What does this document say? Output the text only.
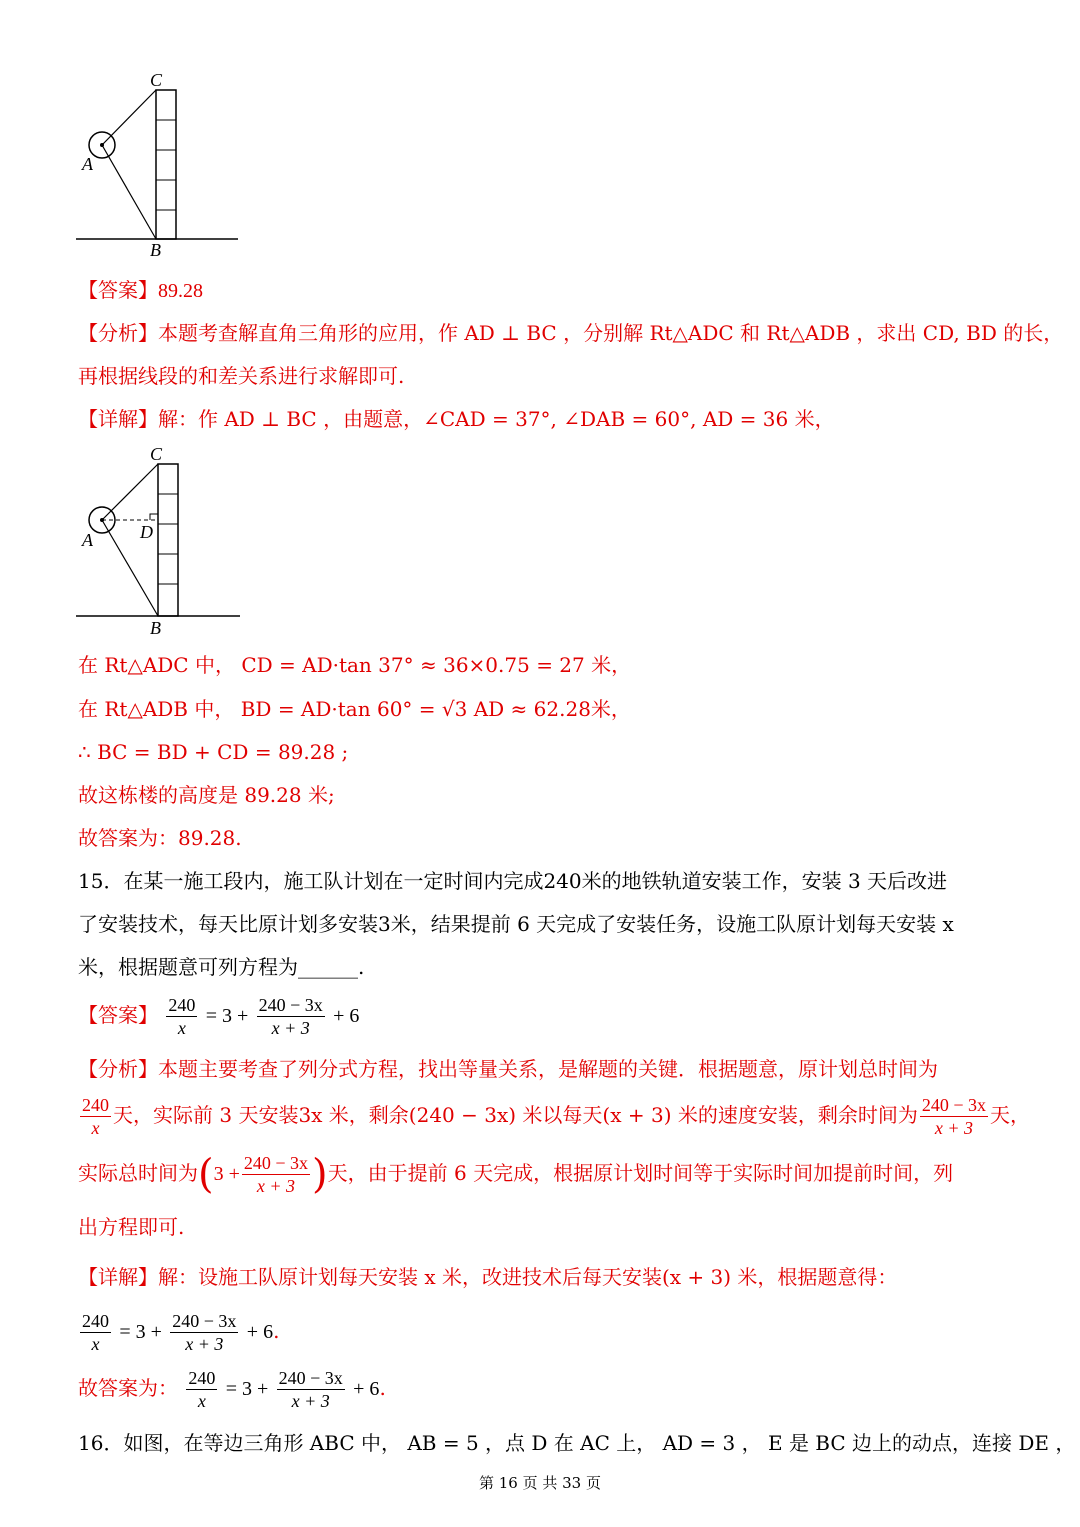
C
A
B
【答案】89.28
【分析】本题考查解直角三角形的应用，作 AD ⊥ BC ，分别解 Rt△ADC 和 Rt△ADB ，求出 CD, BD 的长，
再根据线段的和差关系进行求解即可.
【详解】解：作 AD ⊥ BC ，由题意，∠CAD = 37°, ∠DAB = 60°, AD = 36 米，
C
A	D
B
在 Rt△ADC 中， CD = AD·tan 37° ≈ 36×0.75 = 27 米，
在 Rt△ADB 中， BD = AD·tan 60° = √3 AD ≈ 62.28米，
∴ BC = BD + CD = 89.28 ;
故这栋楼的高度是 89.28 米;
故答案为：89.28.
15．在某一施工段内，施工队计划在一定时间内完成240米的地铁轨道安装工作，安装 3 天后改进
了安装技术，每天比原计划多安装3米，结果提前 6 天完成了安装任务，设施工队原计划每天安装 x
米，根据题意可列方程为______.
【答案】 $\frac{240}{x} = 3 + \frac{240 - 3x}{x + 3} + 6$
【分析】本题主要考查了列分式方程，找出等量关系，是解题的关键．根据题意，原计划总时间为
$\frac{240}{x}$ 天，实际前 3 天安装3x 米，剩余(240 − 3x) 米以每天(x + 3) 米的速度安装，剩余时间为 $\frac{240 - 3x}{x + 3}$ 天，
实际总时间为($3 + \frac{240 - 3x}{x + 3}$ )天，由于提前 6 天完成，根据原计划时间等于实际时间加提前时间，列
出方程即可.
【详解】解：设施工队原计划每天安装 x 米，改进技术后每天安装(x + 3) 米，根据题意得：
$\frac{240}{x} = 3 + \frac{240 - 3x}{x + 3} + 6$.
故答案为： $\frac{240}{x} = 3 + \frac{240 - 3x}{x + 3} + 6$.
16．如图，在等边三角形 ABC 中， AB = 5 ，点 D 在 AC 上， AD = 3 ， E 是 BC 边上的动点，连接 DE ，
第 16 页 共 33 页
